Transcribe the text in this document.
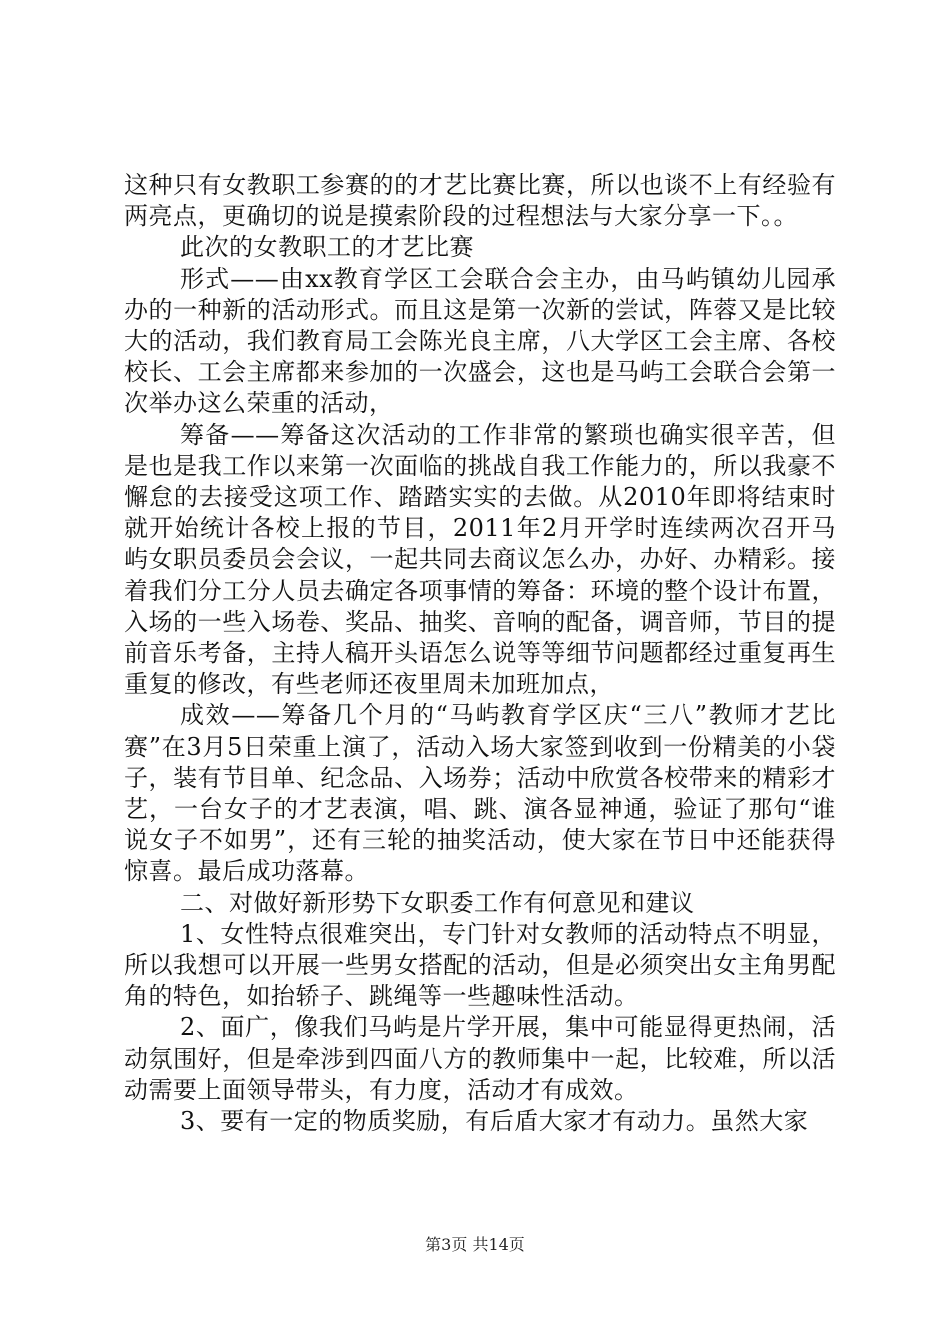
这种只有女教职工参赛的的才艺比赛比赛，所以也谈不上有经验有两亮点，更确切的说是摸索阶段的过程想法与大家分享一下。。

此次的女教职工的才艺比赛

形式——由xx教育学区工会联合会主办，由马屿镇幼儿园承办的一种新的活动形式。而且这是第一次新的尝试，阵蓉又是比较大的活动，我们教育局工会陈光良主席，八大学区工会主席、各校校长、工会主席都来参加的一次盛会，这也是马屿工会联合会第一次举办这么荣重的活动，

筹备——筹备这次活动的工作非常的繁琐也确实很辛苦，但是也是我工作以来第一次面临的挑战自我工作能力的，所以我豪不懈怠的去接受这项工作、踏踏实实的去做。从2010年即将结束时就开始统计各校上报的节目，2011年2月开学时连续两次召开马屿女职员委员会会议，一起共同去商议怎么办，办好、办精彩。接着我们分工分人员去确定各项事情的筹备：环境的整个设计布置，入场的一些入场卷、奖品、抽奖、音响的配备，调音师，节目的提前音乐考备，主持人稿开头语怎么说等等细节问题都经过重复再生重复的修改，有些老师还夜里周未加班加点，

成效——筹备几个月的“马屿教育学区庆“三八”教师才艺比赛”在3月5日荣重上演了，活动入场大家签到收到一份精美的小袋子，装有节目单、纪念品、入场券；活动中欣赏各校带来的精彩才艺，一台女子的才艺表演，唱、跳、演各显神通，验证了那句“谁说女子不如男”，还有三轮的抽奖活动，使大家在节日中还能获得惊喜。最后成功落幕。

二、对做好新形势下女职委工作有何意见和建议

1、女性特点很难突出，专门针对女教师的活动特点不明显，所以我想可以开展一些男女搭配的活动，但是必须突出女主角男配角的特色，如抬轿子、跳绳等一些趣味性活动。

2、面广，像我们马屿是片学开展，集中可能显得更热闹，活动氛围好，但是牵涉到四面八方的教师集中一起，比较难，所以活动需要上面领导带头，有力度，活动才有成效。

3、要有一定的物质奖励，有后盾大家才有动力。虽然大家

第3页 共14页
